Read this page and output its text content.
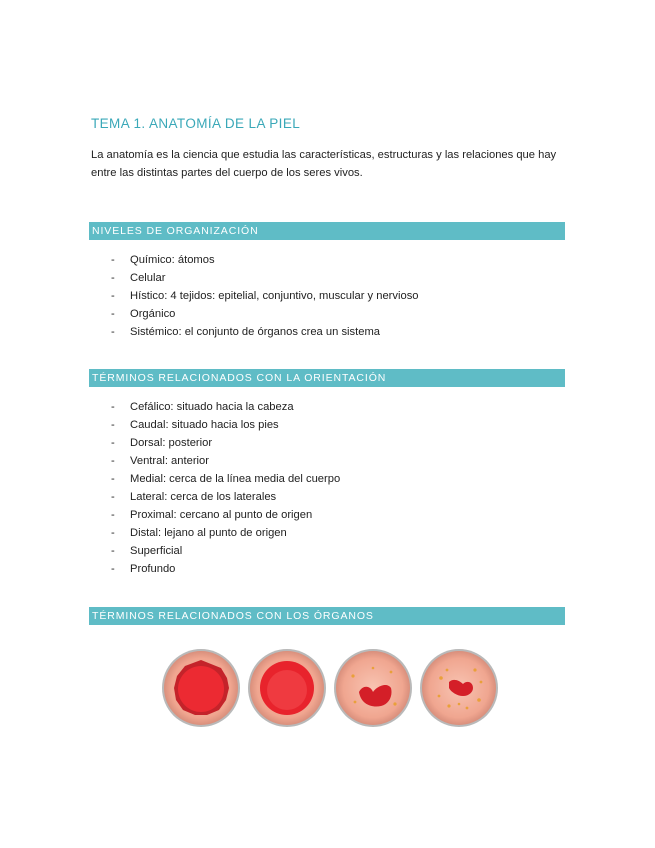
TEMA 1. ANATOMÍA DE LA PIEL
La anatomía es la ciencia que estudia las características, estructuras y las relaciones que hay entre las distintas partes del cuerpo de los seres vivos.
NIVELES DE ORGANIZACIÓN
-	Químico: átomos
-	Celular
-	Hístico: 4 tejidos: epitelial, conjuntivo, muscular y nervioso
-	Orgánico
-	Sistémico: el conjunto de órganos crea un sistema
TÉRMINOS RELACIONADOS CON LA ORIENTACIÓN
-	Cefálico: situado hacia la cabeza
-	Caudal: situado hacia los pies
-	Dorsal: posterior
-	Ventral: anterior
-	Medial: cerca de la línea media del cuerpo
-	Lateral: cerca de los laterales
-	Proximal: cercano al punto de origen
-	Distal: lejano al punto de origen
-	Superficial
-	Profundo
TÉRMINOS RELACIONADOS CON LOS ÓRGANOS
